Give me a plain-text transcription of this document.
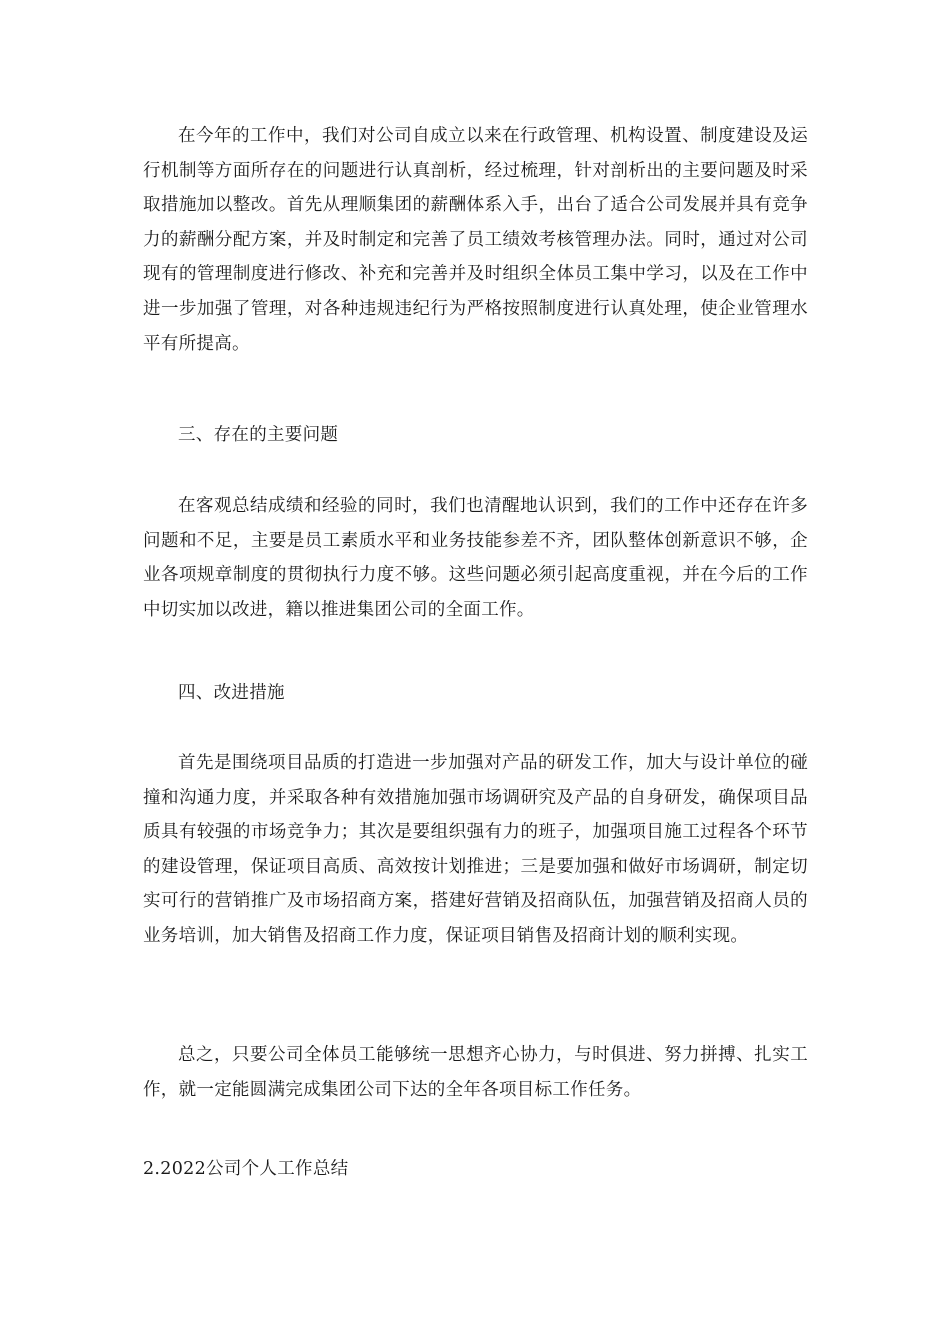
在今年的工作中，我们对公司自成立以来在行政管理、机构设置、制度建设及运行机制等方面所存在的问题进行认真剖析，经过梳理，针对剖析出的主要问题及时采取措施加以整改。首先从理顺集团的薪酬体系入手，出台了适合公司发展并具有竞争力的薪酬分配方案，并及时制定和完善了员工绩效考核管理办法。同时，通过对公司现有的管理制度进行修改、补充和完善并及时组织全体员工集中学习，以及在工作中进一步加强了管理，对各种违规违纪行为严格按照制度进行认真处理，使企业管理水平有所提高。

三、存在的主要问题

在客观总结成绩和经验的同时，我们也清醒地认识到，我们的工作中还存在许多问题和不足，主要是员工素质水平和业务技能参差不齐，团队整体创新意识不够，企业各项规章制度的贯彻执行力度不够。这些问题必须引起高度重视，并在今后的工作中切实加以改进，籍以推进集团公司的全面工作。

四、改进措施

首先是围绕项目品质的打造进一步加强对产品的研发工作，加大与设计单位的碰撞和沟通力度，并采取各种有效措施加强市场调研究及产品的自身研发，确保项目品质具有较强的市场竞争力；其次是要组织强有力的班子，加强项目施工过程各个环节的建设管理，保证项目高质、高效按计划推进；三是要加强和做好市场调研，制定切实可行的营销推广及市场招商方案，搭建好营销及招商队伍，加强营销及招商人员的业务培训，加大销售及招商工作力度，保证项目销售及招商计划的顺利实现。

总之，只要公司全体员工能够统一思想齐心协力，与时俱进、努力拼搏、扎实工作，就一定能圆满完成集团公司下达的全年各项目标工作任务。

2.2022公司个人工作总结
